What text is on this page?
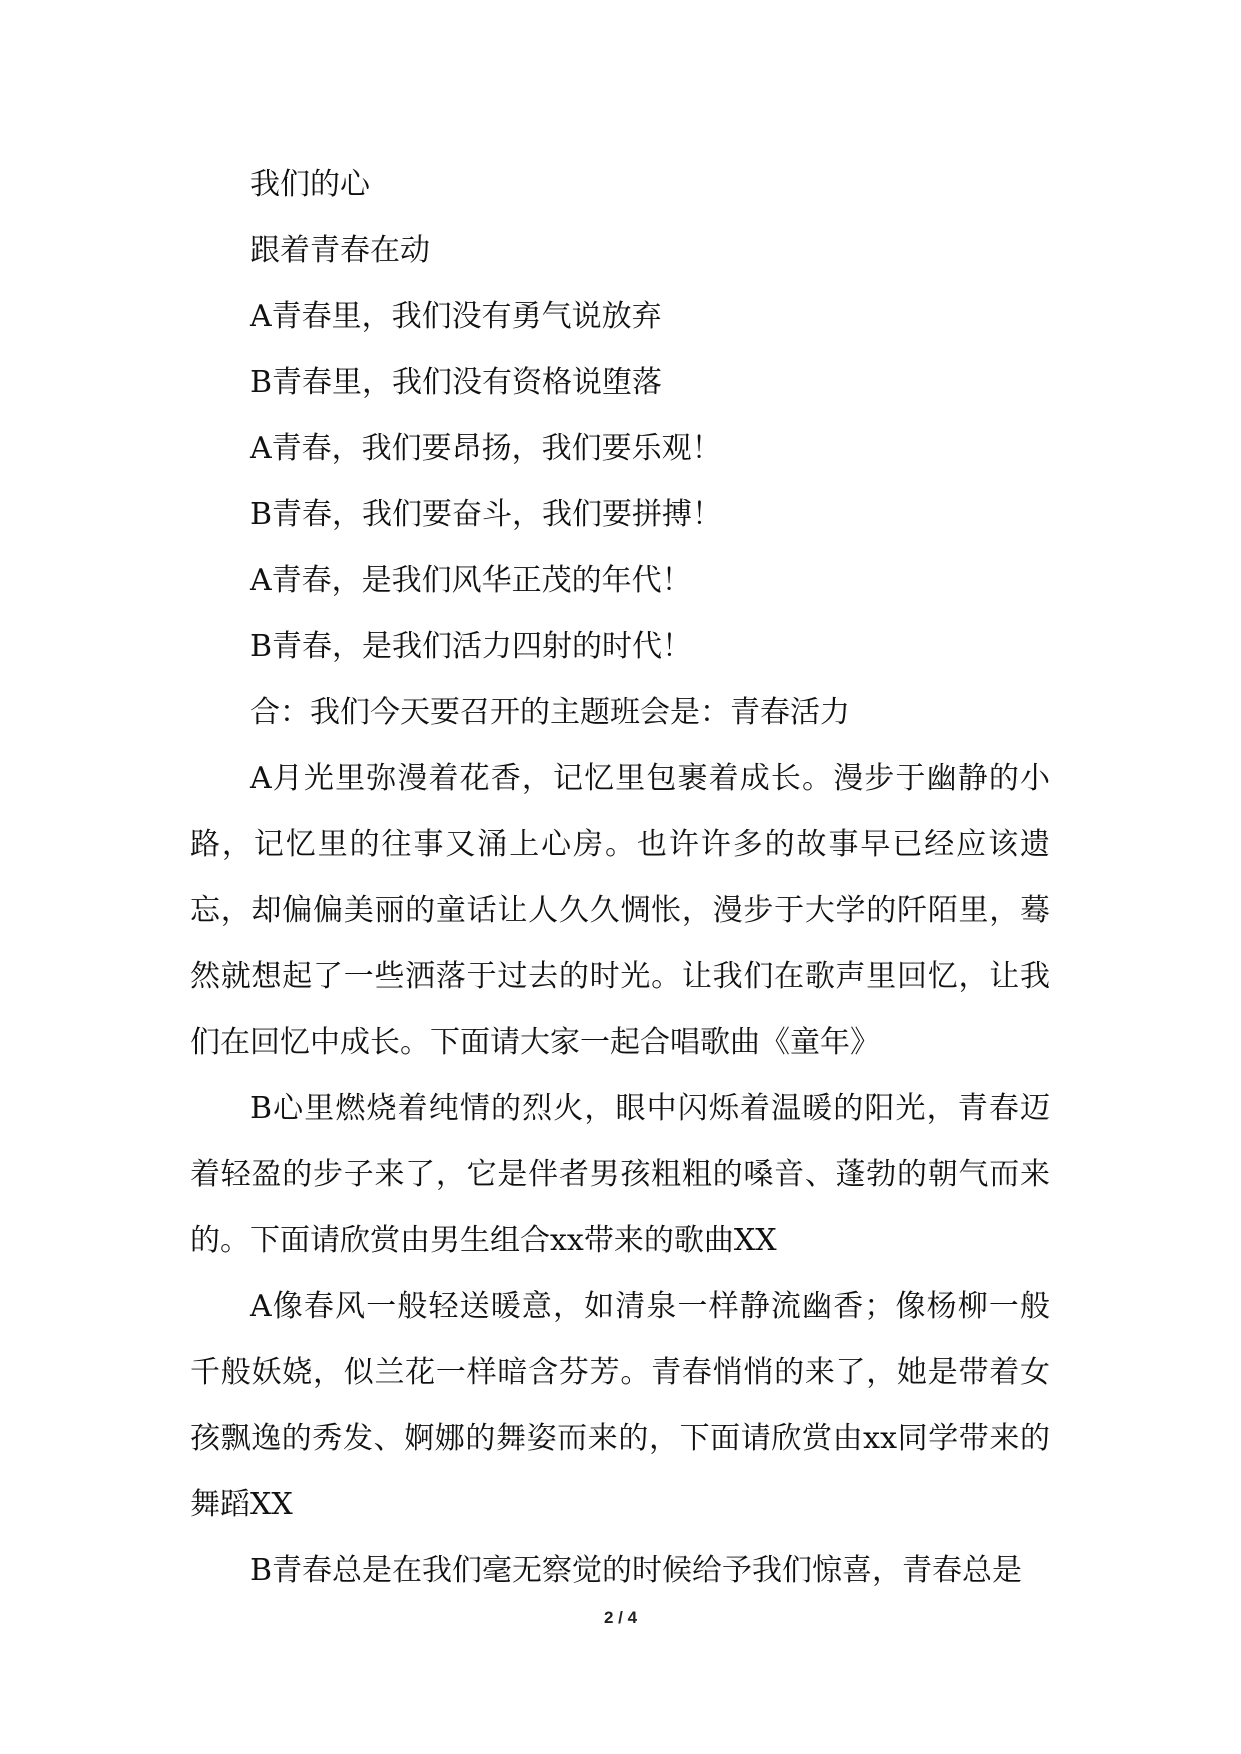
我们的心

跟着青春在动

A青春里，我们没有勇气说放弃

B青春里，我们没有资格说堕落

A青春，我们要昂扬，我们要乐观！

B青春，我们要奋斗，我们要拼搏！

A青春，是我们风华正茂的年代！

B青春，是我们活力四射的时代！

合：我们今天要召开的主题班会是：青春活力

A月光里弥漫着花香，记忆里包裹着成长。漫步于幽静的小路，记忆里的往事又涌上心房。也许许多的故事早已经应该遗忘，却偏偏美丽的童话让人久久惆怅，漫步于大学的阡陌里，蓦然就想起了一些洒落于过去的时光。让我们在歌声里回忆，让我们在回忆中成长。下面请大家一起合唱歌曲《童年》

B心里燃烧着纯情的烈火，眼中闪烁着温暖的阳光，青春迈着轻盈的步子来了，它是伴者男孩粗粗的嗓音、蓬勃的朝气而来的。下面请欣赏由男生组合xx带来的歌曲XX

A像春风一般轻送暖意，如清泉一样静流幽香；像杨柳一般千般妖娆，似兰花一样暗含芬芳。青春悄悄的来了，她是带着女孩飘逸的秀发、婀娜的舞姿而来的，下面请欣赏由xx同学带来的舞蹈XX

B青春总是在我们毫无察觉的时候给予我们惊喜，青春总是

2 / 4
